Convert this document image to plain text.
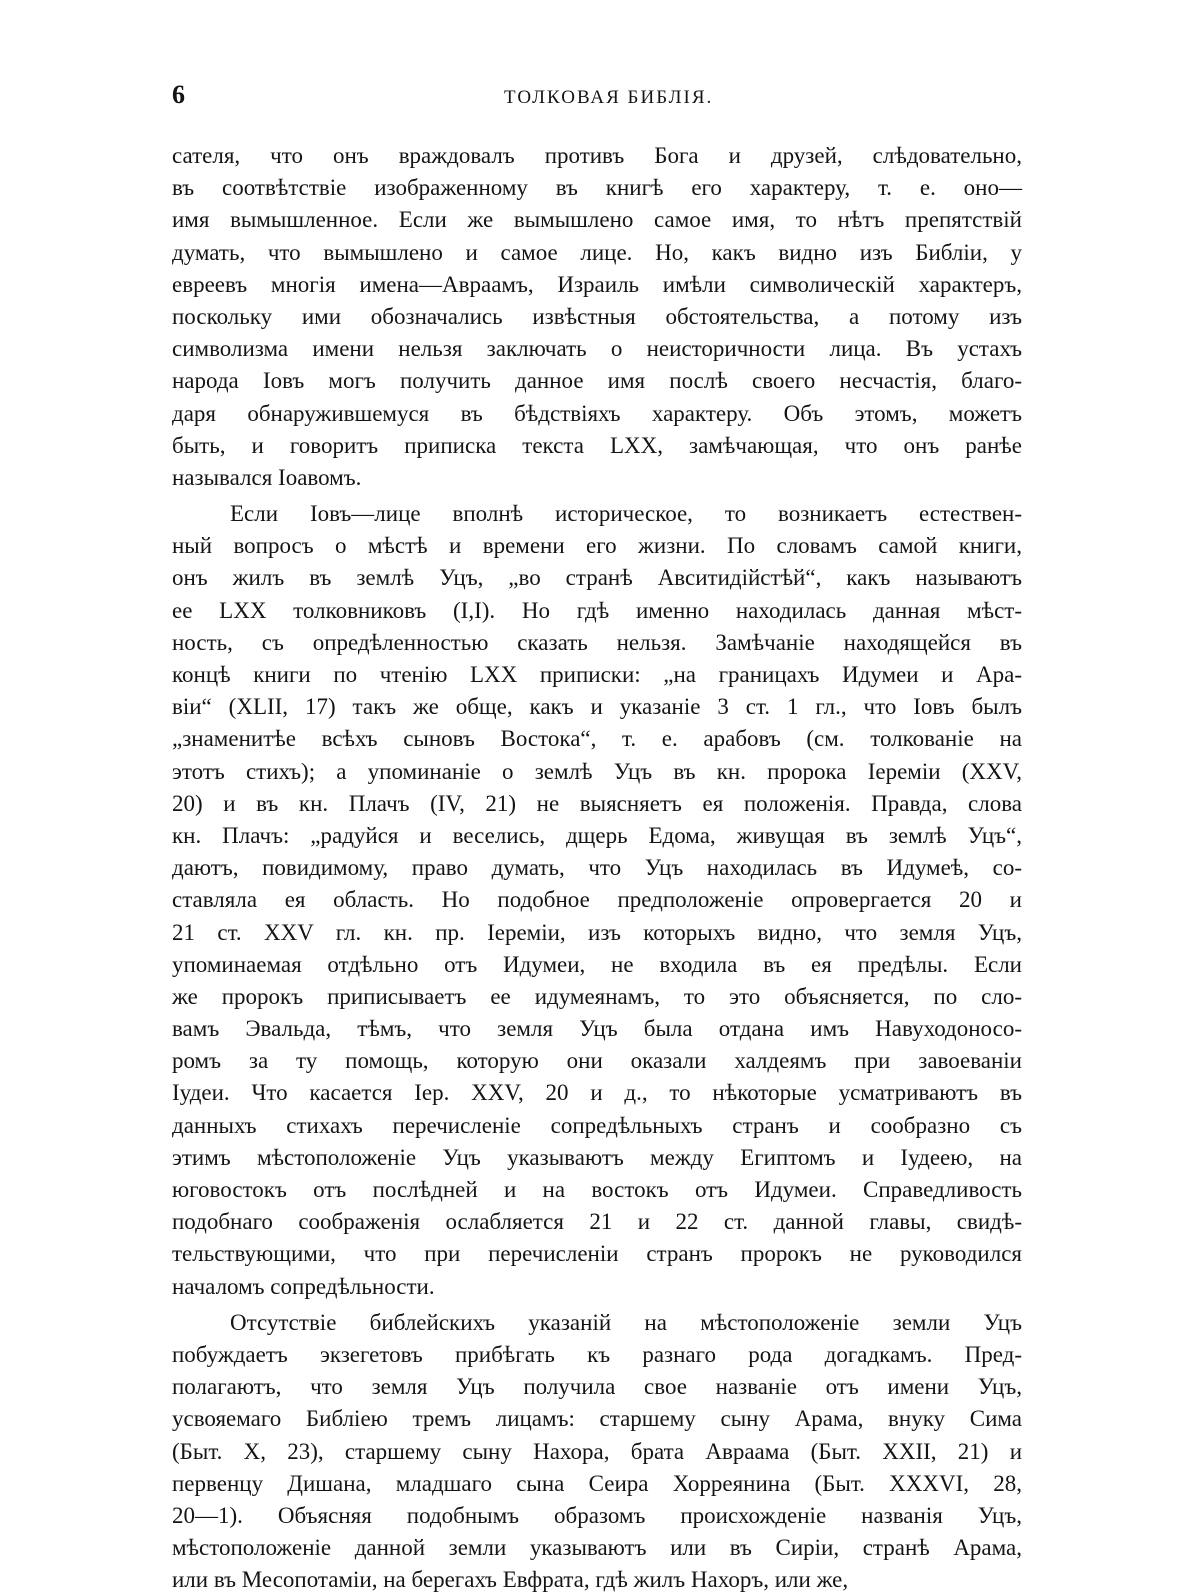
6	ТОЛКОВАЯ БИБЛІЯ.
сателя, что онъ враждовалъ противъ Бога и друзей, слѣдовательно,
въ соотвѣтствіе изображенному въ книгѣ его характеру, т. е. оно—
имя вымышленное. Если же вымышлено самое имя, то нѣтъ препятствій
думать, что вымышлено и самое лице. Но, какъ видно изъ Библіи, у
евреевъ многія имена—Авраамъ, Израиль имѣли символическій характеръ,
поскольку ими обозначались извѣстныя обстоятельства, а потому изъ
символизма имени нельзя заключать о неисторичности лица. Въ устахъ
народа Іовъ могъ получить данное имя послѣ своего несчастія, благо-
даря обнаружившемуся въ бѣдствіяхъ характеру. Объ этомъ, можетъ
быть, и говоритъ приписка текста LXX, замѣчающая, что онъ ранѣе
назывался Іоавомъ.
Если Іовъ—лице вполнѣ историческое, то возникаетъ естествен-
ный вопросъ о мѣстѣ и времени его жизни. По словамъ самой книги,
онъ жилъ въ землѣ Уцъ, „во странѣ Авситидійстѣй“, какъ называютъ
ее LXX толковниковъ (I,I). Но гдѣ именно находилась данная мѣст-
ность, съ опредѣленностью сказать нельзя. Замѣчаніе находящейся въ
концѣ книги по чтенію LXX приписки: „на границахъ Идумеи и Ара-
віи“ (XLII, 17) такъ же обще, какъ и указаніе 3 ст. 1 гл., что Іовъ былъ
„знаменитѣе всѣхъ сыновъ Востока“, т. е. арабовъ (см. толкованіе на
этотъ стихъ); а упоминаніе о землѣ Уцъ въ кн. пророка Іеремiи (XXV,
20) и въ кн. Плачъ (IV, 21) не выясняетъ ея положенія. Правда, слова
кн. Плачъ: „радуйся и веселись, дщерь Едома, живущая въ землѣ Уцъ“,
даютъ, повидимому, право думать, что Уцъ находилась въ Идумеѣ, со-
ставляла ея область. Но подобное предположеніе опровергается 20 и
21 ст. XXV гл. кн. пр. Іереміи, изъ которыхъ видно, что земля Уцъ,
упоминаемая отдѣльно отъ Идумеи, не входила въ ея предѣлы. Если
же пророкъ приписываетъ ее идумеянамъ, то это объясняется, по сло-
вамъ Эвальда, тѣмъ, что земля Уцъ была отдана имъ Навуходоносо-
ромъ за ту помощь, которую они оказали халдеямъ при завоеваніи
Іудеи. Что касается Іер. XXV, 20 и д., то нѣкоторые усматриваютъ въ
данныхъ стихахъ перечисленіе сопредѣльныхъ странъ и сообразно съ
этимъ мѣстоположеніе Уцъ указываютъ между Египтомъ и Іудеею, на
юговостокъ отъ послѣдней и на востокъ отъ Идумеи. Справедливость
подобнаго соображенія ослабляется 21 и 22 ст. данной главы, свидѣ-
тельствующими, что при перечисленіи странъ пророкъ не руководился
началомъ сопредѣльности.
Отсутствіе библейскихъ указаній на мѣстоположеніе земли Уцъ
побуждаетъ экзегетовъ прибѣгать къ разнаго рода догадкамъ. Пред-
полагаютъ, что земля Уцъ получила свое названіе отъ имени Уцъ,
усвояемаго Библіею тремъ лицамъ: старшему сыну Арама, внуку Сима
(Быт. X, 23), старшему сыну Нахора, брата Авраама (Быт. XXII, 21) и
первенцу Дишана, младшаго сына Сеира Хорреянина (Быт. XXXVI, 28,
20—1). Объясняя подобнымъ образомъ происхожденіе названія Уцъ,
мѣстоположеніе данной земли указываютъ или въ Сиріи, странѣ Арама,
или въ Месопотаміи, на берегахъ Евфрата, гдѣ жилъ Нахоръ, или же,
